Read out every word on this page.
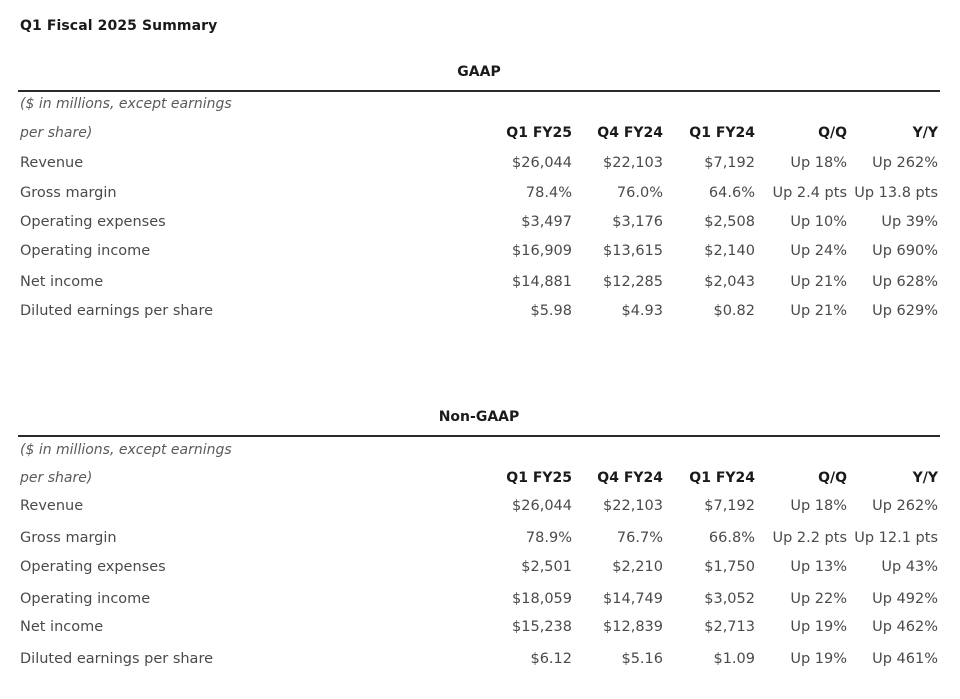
Q1 Fiscal 2025 Summary
GAAP
($ in millions, except earnings
per share)	Q1 FY25 Q4 FY24 Q1 FY24	Q/Q	Y/Y
Revenue	$26,044 $22,103	$7,192 Up 18% Up 262%
Gross margin	78.4%	76.0%	64.6% Up 2.4 pts Up 13.8 pts
Operating expenses	$3,497	$3,176	$2,508 Up 10% Up 39%
Operating income	$16,909 $13,615	$2,140 Up 24% Up 690%
Net income	$14,881 $12,285	$2,043 Up 21% Up 628%
Diluted earnings per share	$5.98	$4.93	$0.82 Up 21% Up 629%
Non-GAAP
($ in millions, except earnings
per share)	Q1 FY25 Q4 FY24 Q1 FY24	Q/Q	Y/Y
Revenue	$26,044 $22,103	$7,192 Up 18% Up 262%
Gross margin	78.9%	76.7%	66.8% Up 2.2 pts Up 12.1 pts
Operating expenses	$2,501	$2,210	$1,750 Up 13% Up 43%
Operating income	$18,059 $14,749	$3,052 Up 22% Up 492%
Net income	$15,238 $12,839	$2,713 Up 19% Up 462%
Diluted earnings per share	$6.12	$5.16	$1.09 Up 19% Up 461%
